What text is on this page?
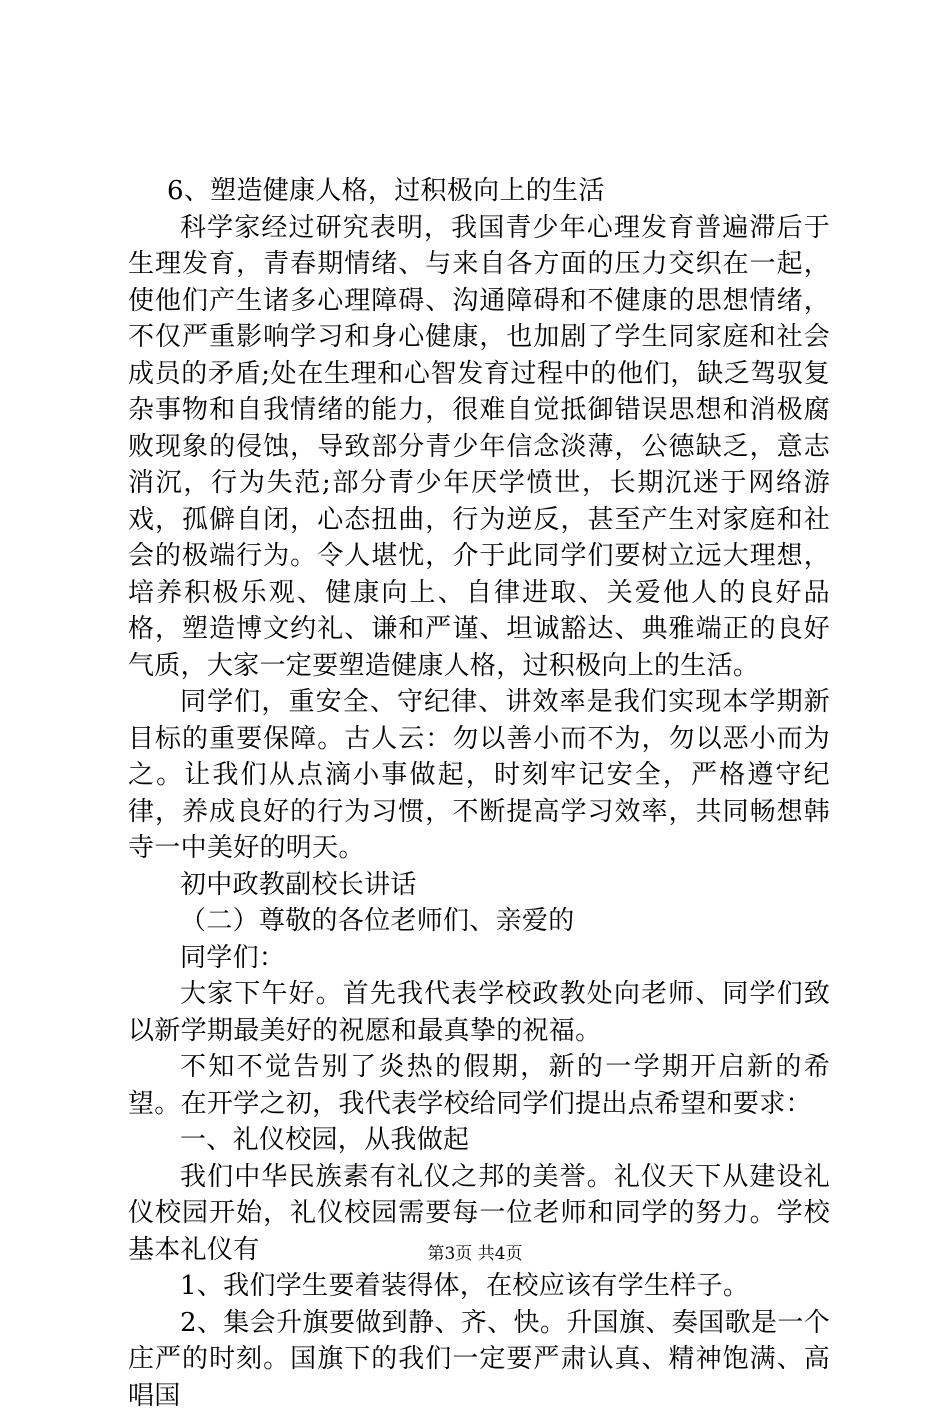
6、塑造健康人格，过积极向上的生活

科学家经过研究表明，我国青少年心理发育普遍滞后于生理发育，青春期情绪、与来自各方面的压力交织在一起，使他们产生诸多心理障碍、沟通障碍和不健康的思想情绪，不仅严重影响学习和身心健康，也加剧了学生同家庭和社会成员的矛盾;处在生理和心智发育过程中的他们，缺乏驾驭复杂事物和自我情绪的能力，很难自觉抵御错误思想和消极腐败现象的侵蚀，导致部分青少年信念淡薄，公德缺乏，意志消沉，行为失范;部分青少年厌学愤世，长期沉迷于网络游戏，孤僻自闭，心态扭曲，行为逆反，甚至产生对家庭和社会的极端行为。令人堪忧，介于此同学们要树立远大理想，培养积极乐观、健康向上、自律进取、关爱他人的良好品格，塑造博文约礼、谦和严谨、坦诚豁达、典雅端正的良好气质，大家一定要塑造健康人格，过积极向上的生活。

同学们，重安全、守纪律、讲效率是我们实现本学期新目标的重要保障。古人云：勿以善小而不为，勿以恶小而为之。让我们从点滴小事做起，时刻牢记安全，严格遵守纪律，养成良好的行为习惯，不断提高学习效率，共同畅想韩寺一中美好的明天。

初中政教副校长讲话

（二）尊敬的各位老师们、亲爱的

同学们：

大家下午好。首先我代表学校政教处向老师、同学们致以新学期最美好的祝愿和最真挚的祝福。

不知不觉告别了炎热的假期，新的一学期开启新的希望。在开学之初，我代表学校给同学们提出点希望和要求：

一、礼仪校园，从我做起

我们中华民族素有礼仪之邦的美誉。礼仪天下从建设礼仪校园开始，礼仪校园需要每一位老师和同学的努力。学校基本礼仪有

1、我们学生要着装得体，在校应该有学生样子。

2、集会升旗要做到静、齐、快。升国旗、奏国歌是一个庄严的时刻。国旗下的我们一定要严肃认真、精神饱满、高唱国

第3页 共4页
